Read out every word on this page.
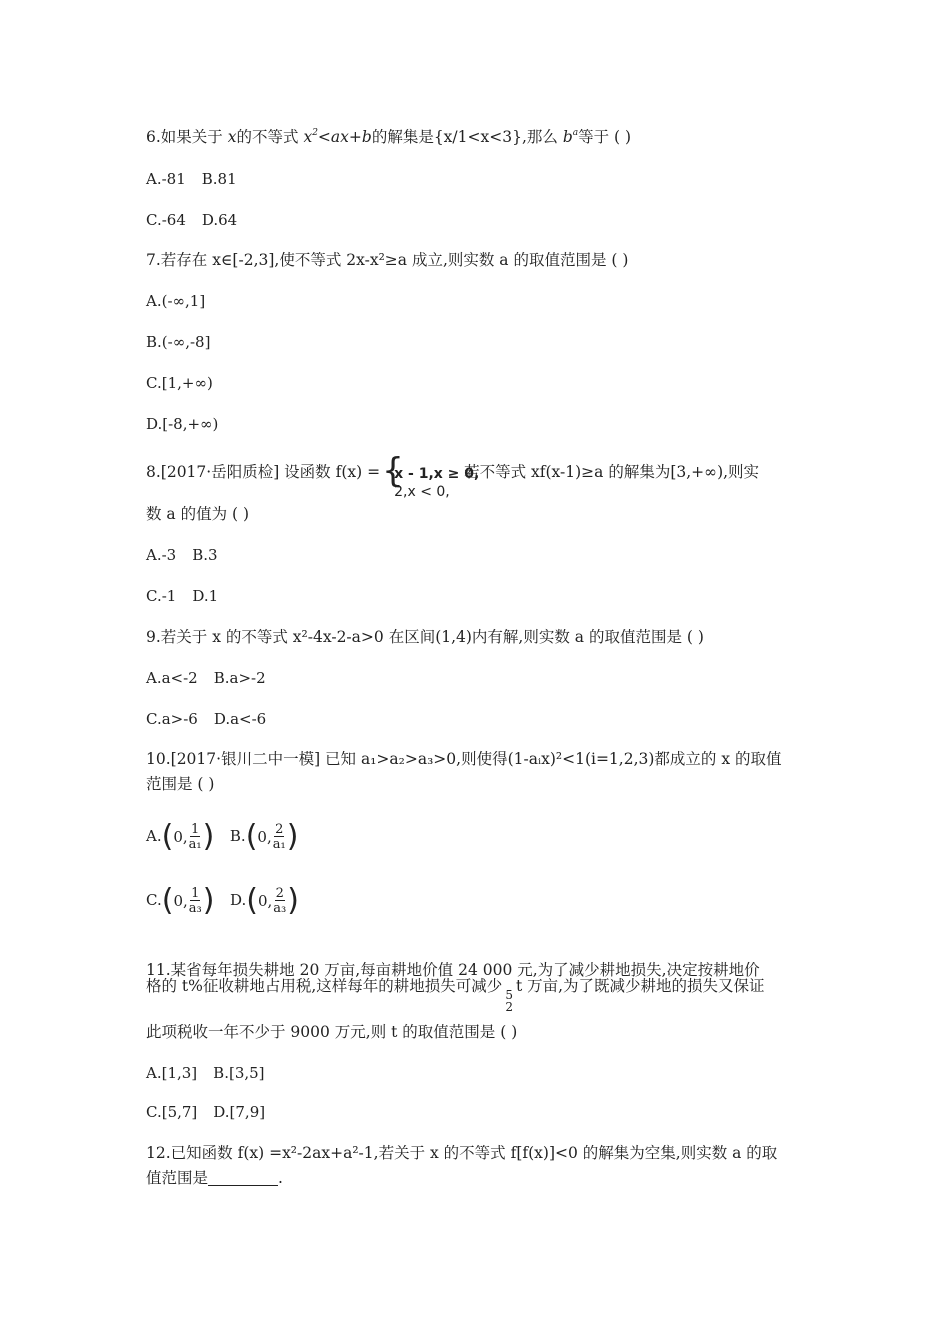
6.如果关于 x的不等式 $x^2<ax+b$的解集是{x/1<x<3},那么 $b^a$等于 ( )
A.-81 B.81
C.-64 D.64
7.若存在 x∈[-2,3],使不等式 2x-x²≥a 成立,则实数 a 的取值范围是 ( )
A.(-∞,1]
B.(-∞,-8]
C.[1,+∞)
D.[-8,+∞)
8.[2017·岳阳质检] 设函数 f(x) = {
x - 1,x ≥ 0,
2,x < 0,
若不等式 xf(x-1)≥a 的解集为[3,+∞),则实
数 a 的值为 ( )
A.-3 B.3
C.-1 D.1
9.若关于 x 的不等式 x²-4x-2-a>0 在区间(1,4)内有解,则实数 a 的取值范围是 ( )
A.a<-2 B.a>-2
C.a>-6 D.a<-6
10.[2017·银川二中一模] 已知 a₁>a₂>a₃>0,则使得(1-aᵢx)²<1(i=1,2,3)都成立的 x 的取值
范围是 ( )
A. ( 0, $\frac{1}{\text{a₁}}$ ) B. ( 0, $\frac{2}{\text{a₁}}$ )
C. ( 0, $\frac{1}{\text{a₃}}$ ) D. ( 0, $\frac{2}{\text{a₃}}$ )
11.某省每年损失耕地 20 万亩,每亩耕地价值 24 000 元,为了减少耕地损失,决定按耕地价
格的 t%征收耕地占用税,这样每年的耕地损失可减少 5
2
t 万亩,为了既减少耕地的损失又保证
此项税收一年不少于 9000 万元,则 t 的取值范围是 ( )
A.[1,3] B.[3,5]
C.[5,7] D.[7,9]
12.已知函数 f(x) =x²-2ax+a²-1,若关于 x 的不等式 f[f(x)]<0 的解集为空集,则实数 a 的取
值范围是	.
